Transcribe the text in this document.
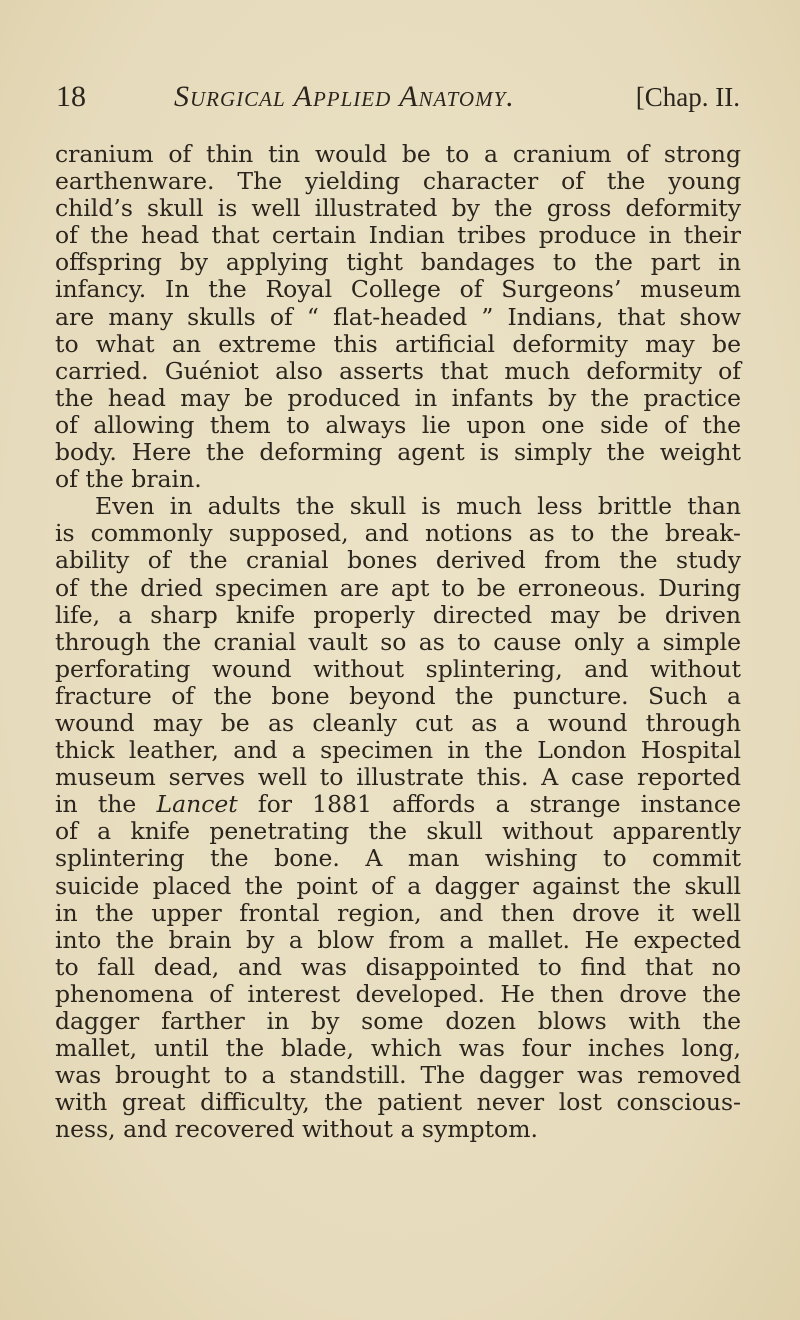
18	Surgical Applied Anatomy.	[Chap. II.
cranium of thin tin would be to a cranium of strong
earthenware. The yielding character of the young
child’s skull is well illustrated by the gross deformity
of the head that certain Indian tribes produce in their
offspring by applying tight bandages to the part in
infancy. In the Royal College of Surgeons’ museum
are many skulls of “ flat-headed ” Indians, that show
to what an extreme this artificial deformity may be
carried. Guéniot also asserts that much deformity of
the head may be produced in infants by the practice
of allowing them to always lie upon one side of the
body. Here the deforming agent is simply the weight
of the brain.
Even in adults the skull is much less brittle than
is commonly supposed, and notions as to the break-
ability of the cranial bones derived from the study
of the dried specimen are apt to be erroneous. During
life, a sharp knife properly directed may be driven
through the cranial vault so as to cause only a simple
perforating wound without splintering, and without
fracture of the bone beyond the puncture. Such a
wound may be as cleanly cut as a wound through
thick leather, and a specimen in the London Hospital
museum serves well to illustrate this. A case reported
in the Lancet for 1881 affords a strange instance
of a knife penetrating the skull without apparently
splintering the bone. A man wishing to commit
suicide placed the point of a dagger against the skull
in the upper frontal region, and then drove it well
into the brain by a blow from a mallet. He expected
to fall dead, and was disappointed to find that no
phenomena of interest developed. He then drove the
dagger farther in by some dozen blows with the
mallet, until the blade, which was four inches long,
was brought to a standstill. The dagger was removed
with great difficulty, the patient never lost conscious-
ness, and recovered without a symptom.
